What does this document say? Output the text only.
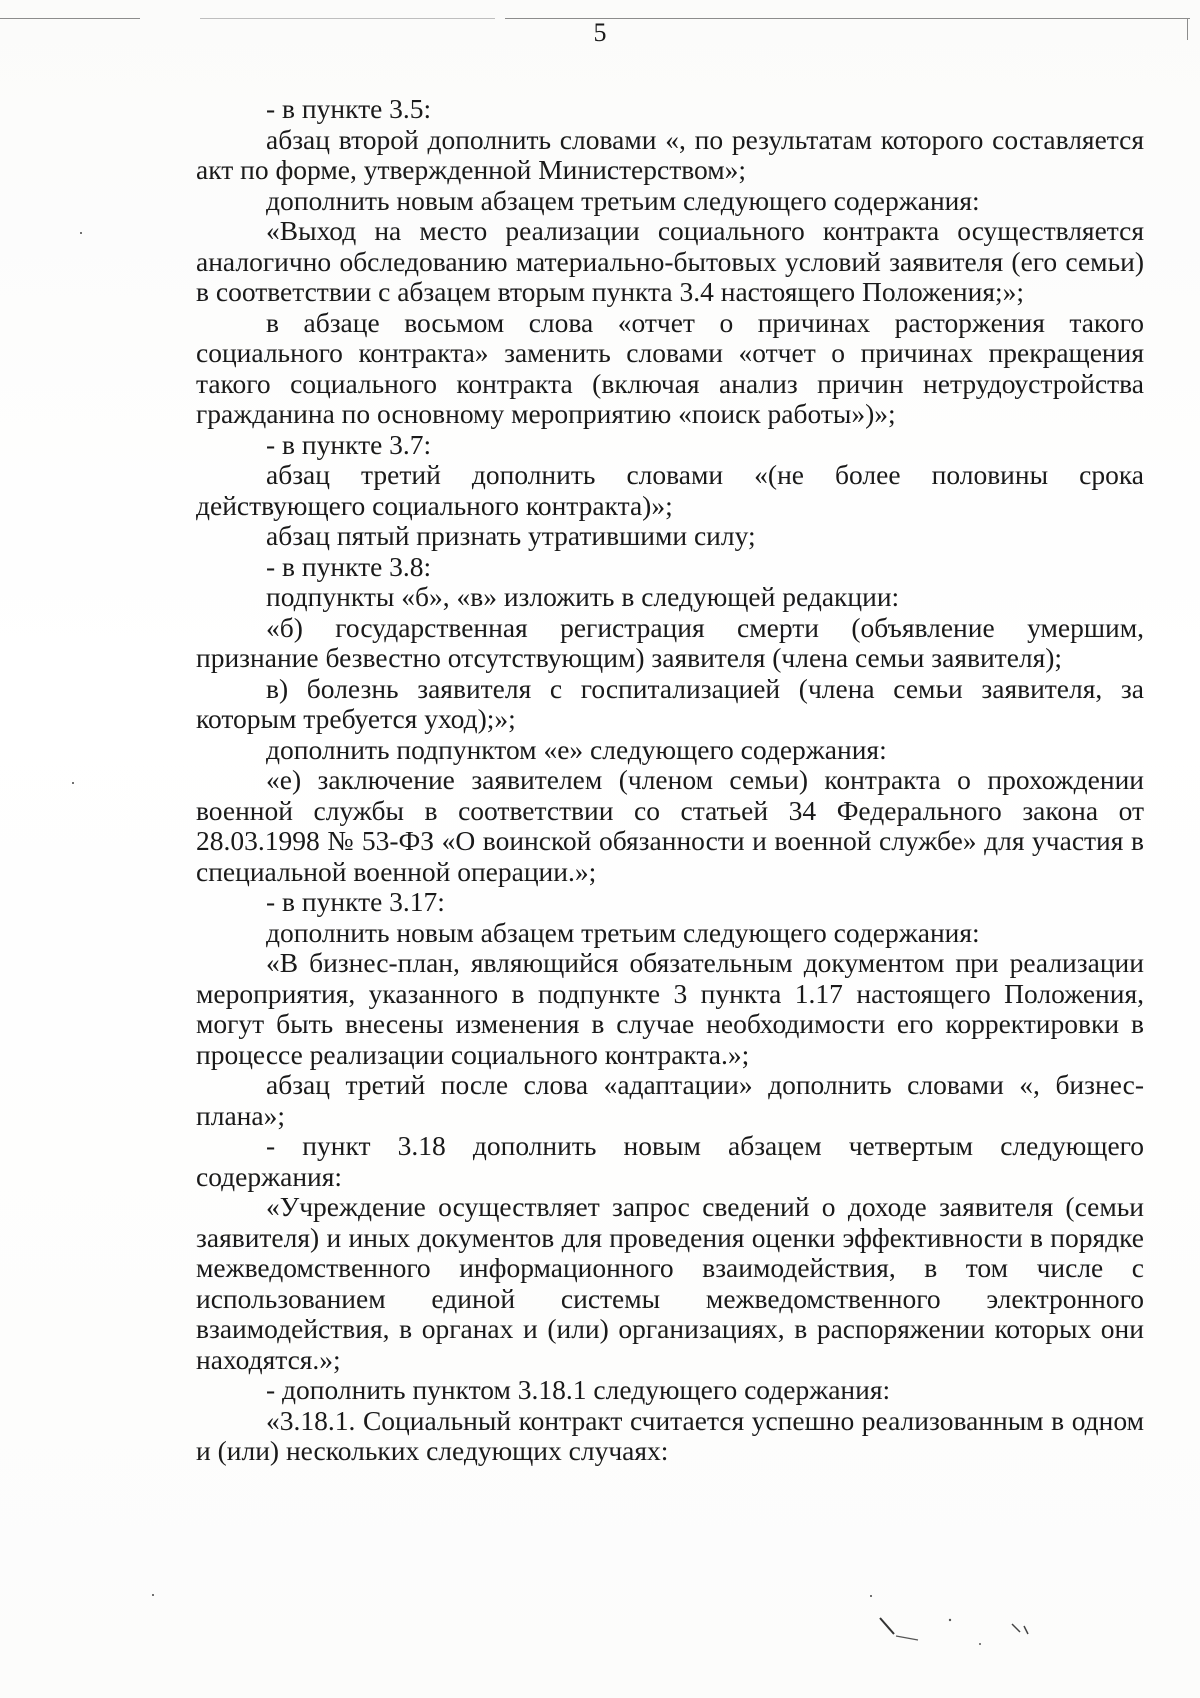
5

- в пункте 3.5:

абзац второй дополнить словами «, по результатам которого составляется акт по форме, утвержденной Министерством»;

дополнить новым абзацем третьим следующего содержания:

«Выход на место реализации социального контракта осуществляется аналогично обследованию материально-бытовых условий заявителя (его семьи) в соответствии с абзацем вторым пункта 3.4 настоящего Положения;»;

в абзаце восьмом слова «отчет о причинах расторжения такого социального контракта» заменить словами «отчет о причинах прекращения такого социального контракта (включая анализ причин нетрудоустройства гражданина по основному мероприятию «поиск работы»)»;

- в пункте 3.7:

абзац третий дополнить словами «(не более половины срока действующего социального контракта)»;

абзац пятый признать утратившими силу;

- в пункте 3.8:

подпункты «б», «в» изложить в следующей редакции:

«б) государственная регистрация смерти (объявление умершим, признание безвестно отсутствующим) заявителя (члена семьи заявителя);

в) болезнь заявителя с госпитализацией (члена семьи заявителя, за которым требуется уход);»;

дополнить подпунктом «е» следующего содержания:

«е) заключение заявителем (членом семьи) контракта о прохождении военной службы в соответствии со статьей 34 Федерального закона от 28.03.1998 № 53-ФЗ «О воинской обязанности и военной службе» для участия в специальной военной операции.»;

- в пункте 3.17:

дополнить новым абзацем третьим следующего содержания:

«В бизнес-план, являющийся обязательным документом при реализации мероприятия, указанного в подпункте 3 пункта 1.17 настоящего Положения, могут быть внесены изменения в случае необходимости его корректировки в процессе реализации социального контракта.»;

абзац третий после слова «адаптации» дополнить словами «, бизнес-плана»;

- пункт 3.18 дополнить новым абзацем четвертым следующего содержания:

«Учреждение осуществляет запрос сведений о доходе заявителя (семьи заявителя) и иных документов для проведения оценки эффективности в порядке межведомственного информационного взаимодействия, в том числе с использованием единой системы межведомственного электронного взаимодействия, в органах и (или) организациях, в распоряжении которых они находятся.»;

- дополнить пунктом 3.18.1 следующего содержания:

«3.18.1. Социальный контракт считается успешно реализованным в одном и (или) нескольких следующих случаях:
